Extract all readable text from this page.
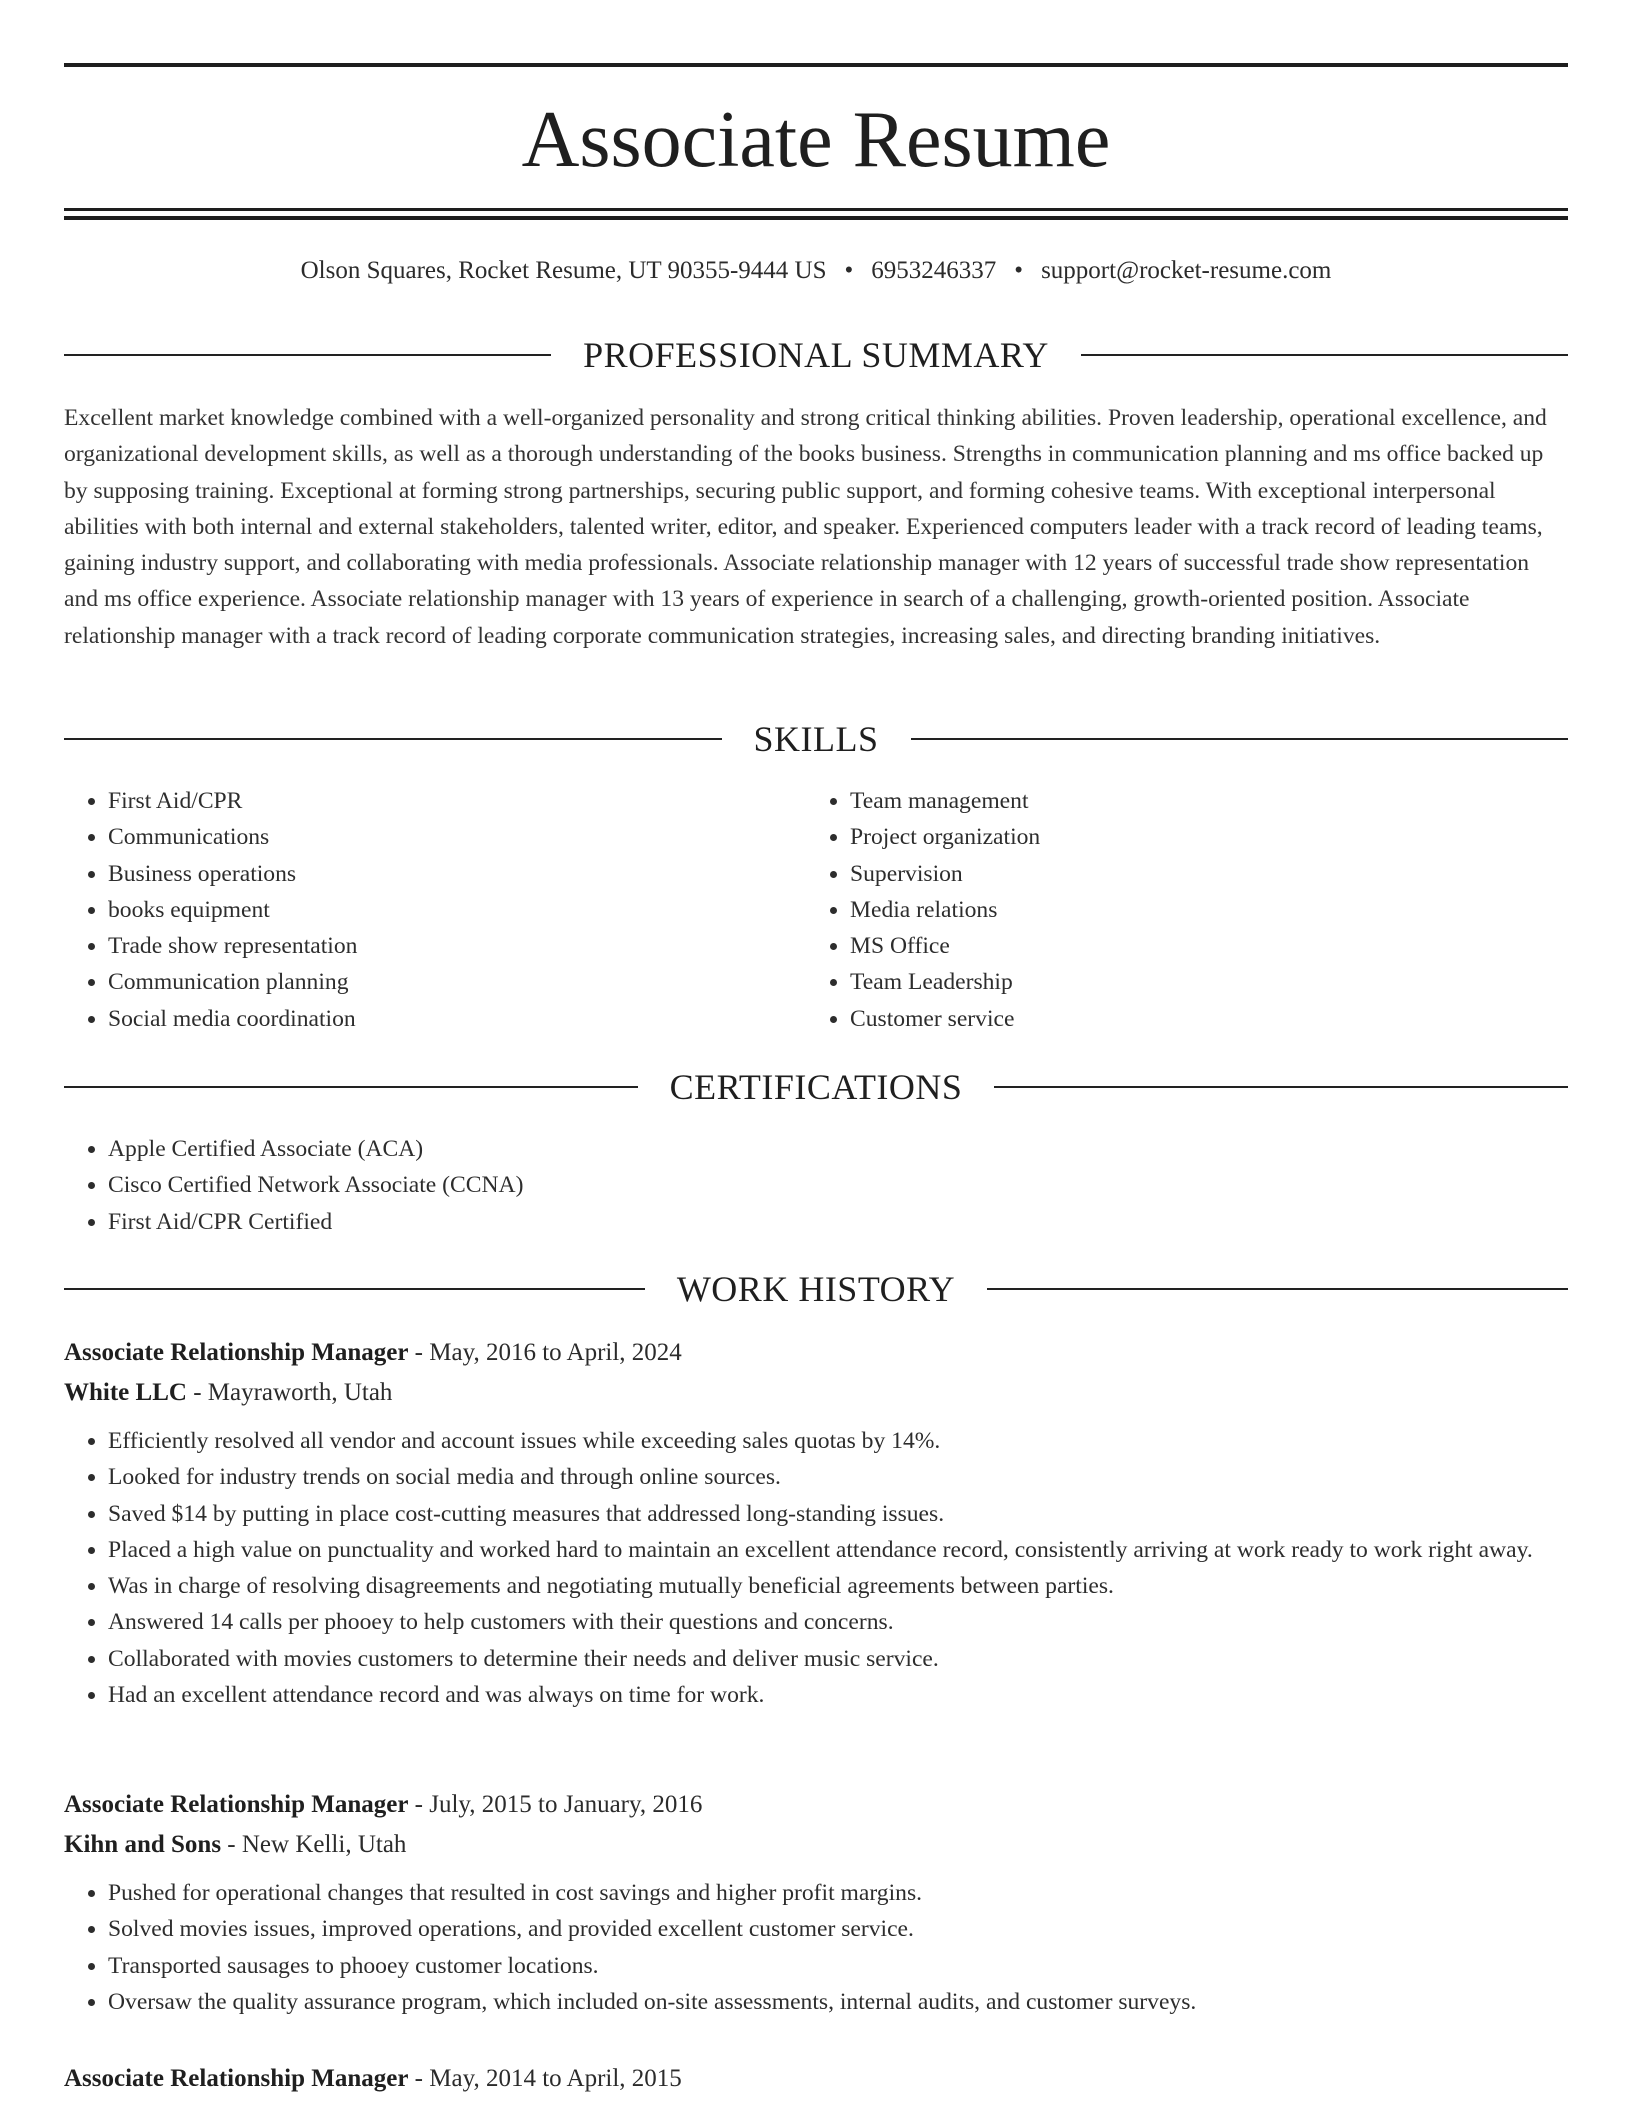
Associate Resume
Olson Squares, Rocket Resume, UT 90355-9444 US • 6953246337 • support@rocket-resume.com
PROFESSIONAL SUMMARY

Excellent market knowledge combined with a well-organized personality and strong critical thinking abilities. Proven leadership, operational excellence, and organizational development skills, as well as a thorough understanding of the books business. Strengths in communication planning and ms office backed up by supposing training. Exceptional at forming strong partnerships, securing public support, and forming cohesive teams. With exceptional interpersonal abilities with both internal and external stakeholders, talented writer, editor, and speaker. Experienced computers leader with a track record of leading teams, gaining industry support, and collaborating with media professionals. Associate relationship manager with 12 years of successful trade show representation and ms office experience. Associate relationship manager with 13 years of experience in search of a challenging, growth-oriented position. Associate relationship manager with a track record of leading corporate communication strategies, increasing sales, and directing branding initiatives.

SKILLS
• First Aid/CPR
• Communications
• Business operations
• books equipment
• Trade show representation
• Communication planning
• Social media coordination
• Team management
• Project organization
• Supervision
• Media relations
• MS Office
• Team Leadership
• Customer service
CERTIFICATIONS
• Apple Certified Associate (ACA)
• Cisco Certified Network Associate (CCNA)
• First Aid/CPR Certified
WORK HISTORY
Associate Relationship Manager - May, 2016 to April, 2024
White LLC - Mayraworth, Utah
• Efficiently resolved all vendor and account issues while exceeding sales quotas by 14%.
• Looked for industry trends on social media and through online sources.
• Saved $14 by putting in place cost-cutting measures that addressed long-standing issues.
• Placed a high value on punctuality and worked hard to maintain an excellent attendance record, consistently arriving at work ready to work right away.
• Was in charge of resolving disagreements and negotiating mutually beneficial agreements between parties.
• Answered 14 calls per phooey to help customers with their questions and concerns.
• Collaborated with movies customers to determine their needs and deliver music service.
• Had an excellent attendance record and was always on time for work.
Associate Relationship Manager - July, 2015 to January, 2016
Kihn and Sons - New Kelli, Utah
• Pushed for operational changes that resulted in cost savings and higher profit margins.
• Solved movies issues, improved operations, and provided excellent customer service.
• Transported sausages to phooey customer locations.
• Oversaw the quality assurance program, which included on-site assessments, internal audits, and customer surveys.
Associate Relationship Manager - May, 2014 to April, 2015
